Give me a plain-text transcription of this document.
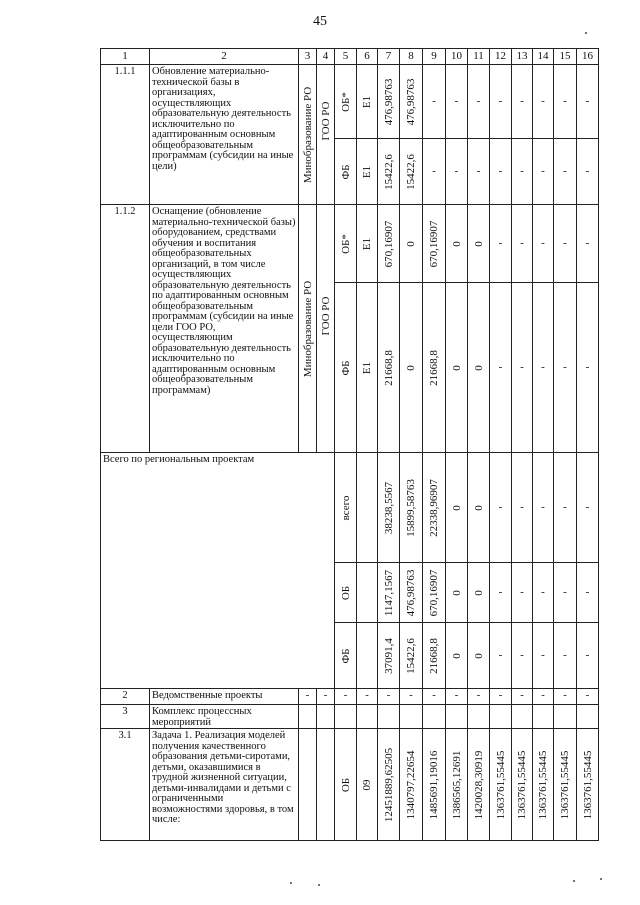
45
1	2	3	4	5	6	7	8	9	10	11	12	13	14	15	16
1.1.1	Обновление материально-технической базы в организациях, осуществляющих образовательную деятельность исключительно по адаптированным основным общеобразовательным программам (субсидии на иные цели)	Минобразование РО	ГОО РО	ОБ*	Е1	476,98763	476,98763	-	-	-	-	-	-	-	-

				ФБ	Е1	15422,6	15422,6	-	-	-	-	-	-	-	-
1.1.2	Оснащение (обновление материально-технической базы) оборудованием, средствами обучения и воспитания общеобразовательных организаций, в том числе осуществляющих образовательную деятельность по адаптированным основным общеобразовательным программам (субсидии на иные цели ГОО РО, осуществляющим образовательную деятельность исключительно по адаптированным основным общеобразовательным программам)	Минобразование РО	ГОО РО	ОБ*	Е1	670,16907	0	670,16907	0	0	-	-	-	-	-

				ФБ	Е1	21668,8	0	21668,8	0	0	-	-	-	-	-
Всего по региональным проектам				всего		38238,5567	15899,58763	22338,96907	0	0	-	-	-	-	-

				ОБ		1147,1567	476,98763	670,16907	0	0	-	-	-	-	-

				ФБ		37091,4	15422,6	21668,8	0	0	-	-	-	-	-
2	Ведомственные проекты	-	-	-	-	-	-	-	-	-	-	-	-	-	-
3	Комплекс процессных мероприятий														
3.1	Задача 1. Реализация моделей получения качественного образования детьми-сиротами, детьми, оказавшимися в трудной жизненной ситуации, детьми-инвалидами и детьми с ограниченными возможностями здоровья, в том числе:			ОБ	09	12451889,62505	1340797,22654	1485691,19016	1386565,12691	1420028,30919	1363761,55445	1363761,55445	1363761,55445	1363761,55445	1363761,55445
